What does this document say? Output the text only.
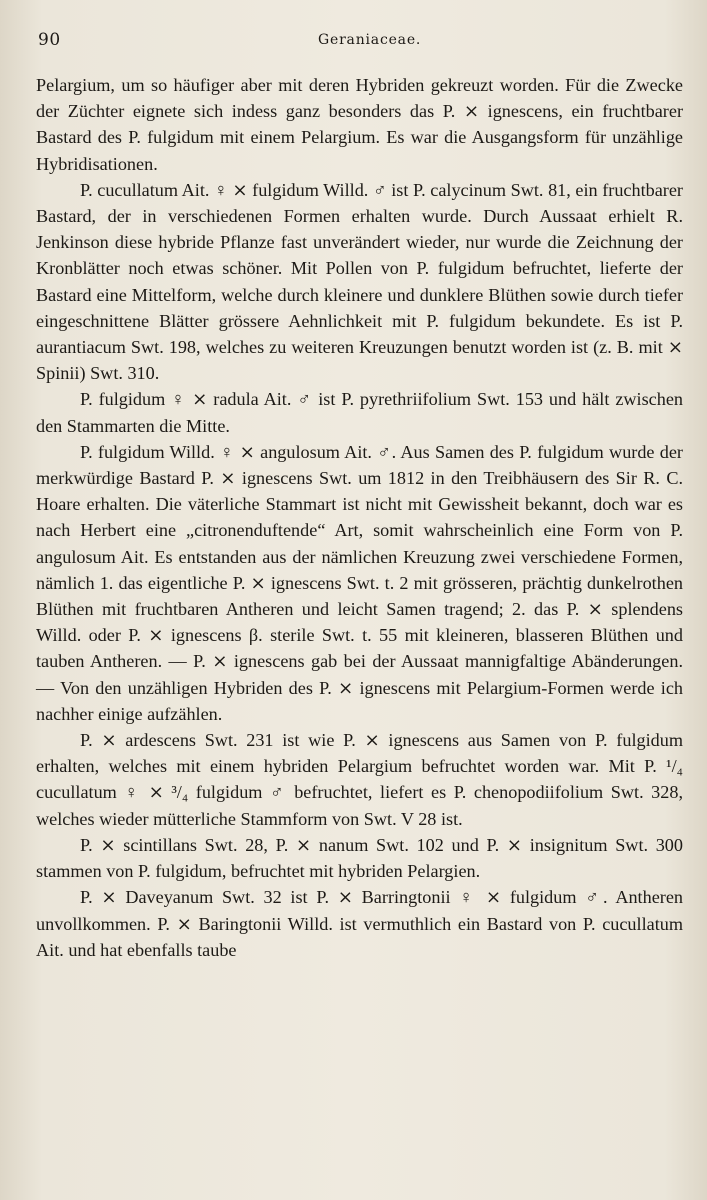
90	Geraniaceae.

Pelargium, um so häufiger aber mit deren Hybriden gekreuzt worden. Für die Zwecke der Züchter eignete sich indess ganz besonders das P. ⨯ ignescens, ein fruchtbarer Bastard des P. fulgidum mit einem Pelargium. Es war die Ausgangsform für unzählige Hybridisationen.

P. cucullatum Ait. ♀ ⨯ fulgidum Willd. ♂ ist P. calycinum Swt. 81, ein fruchtbarer Bastard, der in verschiedenen Formen erhalten wurde. Durch Aussaat erhielt R. Jenkinson diese hybride Pflanze fast unverändert wieder, nur wurde die Zeichnung der Kronblätter noch etwas schöner. Mit Pollen von P. fulgidum befruchtet, lieferte der Bastard eine Mittelform, welche durch kleinere und dunklere Blüthen sowie durch tiefer eingeschnittene Blätter grössere Aehnlichkeit mit P. fulgidum bekundete. Es ist P. aurantiacum Swt. 198, welches zu weiteren Kreuzungen benutzt worden ist (z. B. mit ⨯ Spinii) Swt. 310.

P. fulgidum ♀ ⨯ radula Ait. ♂ ist P. pyrethriifolium Swt. 153 und hält zwischen den Stammarten die Mitte.

P. fulgidum Willd. ♀ ⨯ angulosum Ait. ♂. Aus Samen des P. fulgidum wurde der merkwürdige Bastard P. ⨯ ignescens Swt. um 1812 in den Treibhäusern des Sir R. C. Hoare erhalten. Die väterliche Stammart ist nicht mit Gewissheit bekannt, doch war es nach Herbert eine „citronenduftende“ Art, somit wahrscheinlich eine Form von P. angulosum Ait. Es entstanden aus der nämlichen Kreuzung zwei verschiedene Formen, nämlich 1. das eigentliche P. ⨯ ignescens Swt. t. 2 mit grösseren, prächtig dunkelrothen Blüthen mit fruchtbaren Antheren und leicht Samen tragend; 2. das P. ⨯ splendens Willd. oder P. ⨯ ignescens β. sterile Swt. t. 55 mit kleineren, blasseren Blüthen und tauben Antheren. — P. ⨯ ignescens gab bei der Aussaat mannigfaltige Abänderungen. — Von den unzähligen Hybriden des P. ⨯ ignescens mit Pelargium-Formen werde ich nachher einige aufzählen.

P. ⨯ ardescens Swt. 231 ist wie P. ⨯ ignescens aus Samen von P. fulgidum erhalten, welches mit einem hybriden Pelargium befruchtet worden war. Mit P. ¹/₄ cucullatum ♀ ⨯ ³/₄ fulgidum ♂ befruchtet, liefert es P. chenopodiifolium Swt. 328, welches wieder mütterliche Stammform von Swt. V 28 ist.

P. ⨯ scintillans Swt. 28, P. ⨯ nanum Swt. 102 und P. ⨯ insignitum Swt. 300 stammen von P. fulgidum, befruchtet mit hybriden Pelargien.

P. ⨯ Daveyanum Swt. 32 ist P. ⨯ Barringtonii ♀ ⨯ fulgidum ♂. Antheren unvollkommen. P. ⨯ Baringtonii Willd. ist vermuthlich ein Bastard von P. cucullatum Ait. und hat ebenfalls taube
